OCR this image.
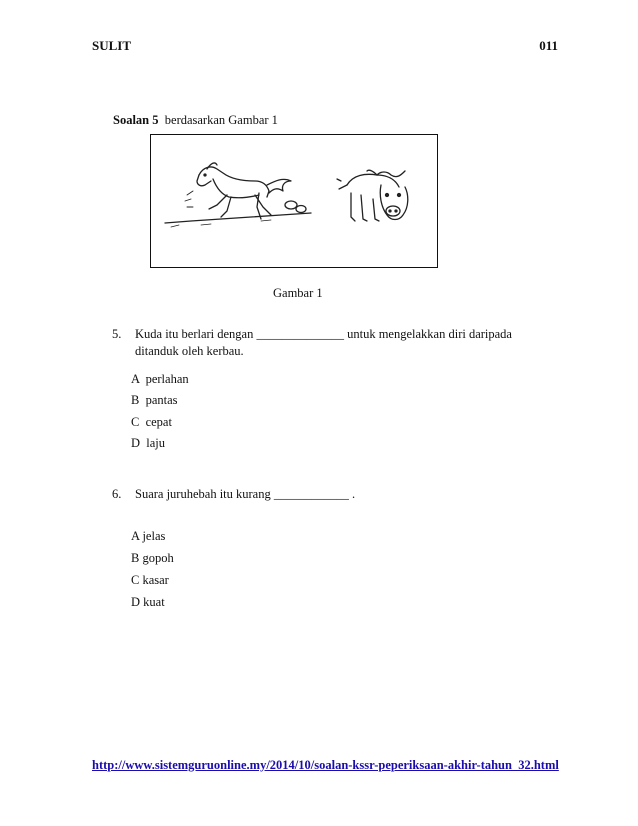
SULIT	011
Soalan 5 berdasarkan Gambar 1
Gambar 1
5. Kuda itu berlari dengan ______________ untuk mengelakkan diri daripada
ditanduk oleh kerbau.
A  perlahan
B  pantas
C  cepat
D  laju
6. Suara juruhebah itu kurang ____________ .
A jelas
B gopoh
C kasar
D kuat
http://www.sistemguruonline.my/2014/10/soalan-kssr-peperiksaan-akhir-tahun_32.html
